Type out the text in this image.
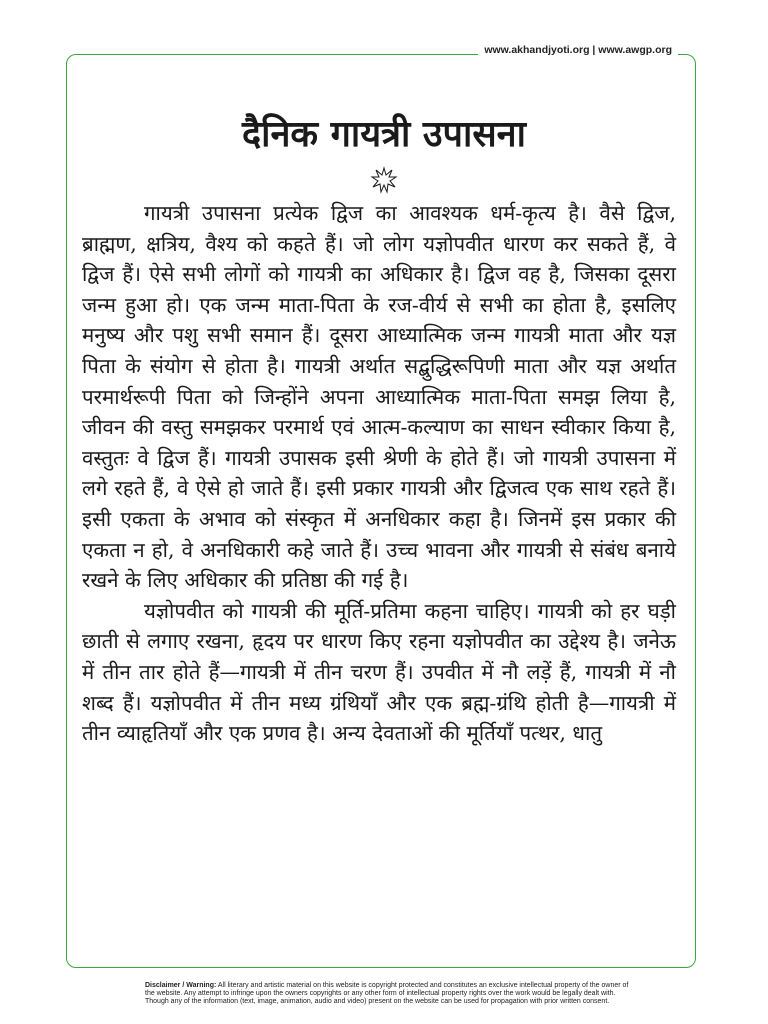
www.akhandjyoti.org | www.awgp.org
दैनिक गायत्री उपासना

गायत्री उपासना प्रत्येक द्विज का आवश्यक धर्म-कृत्य है। वैसे द्विज, ब्राह्मण, क्षत्रिय, वैश्य को कहते हैं। जो लोग यज्ञोपवीत धारण कर सकते हैं, वे द्विज हैं। ऐसे सभी लोगों को गायत्री का अधिकार है। द्विज वह है, जिसका दूसरा जन्म हुआ हो। एक जन्म माता-पिता के रज-वीर्य से सभी का होता है, इसलिए मनुष्य और पशु सभी समान हैं। दूसरा आध्यात्मिक जन्म गायत्री माता और यज्ञ पिता के संयोग से होता है। गायत्री अर्थात सद्बुद्धिरूपिणी माता और यज्ञ अर्थात परमार्थरूपी पिता को जिन्होंने अपना आध्यात्मिक माता-पिता समझ लिया है, जीवन की वस्तु समझकर परमार्थ एवं आत्म-कल्याण का साधन स्वीकार किया है, वस्तुतः वे द्विज हैं। गायत्री उपासक इसी श्रेणी के होते हैं। जो गायत्री उपासना में लगे रहते हैं, वे ऐसे हो जाते हैं। इसी प्रकार गायत्री और द्विजत्व एक साथ रहते हैं। इसी एकता के अभाव को संस्कृत में अनधिकार कहा है। जिनमें इस प्रकार की एकता न हो, वे अनधिकारी कहे जाते हैं। उच्च भावना और गायत्री से संबंध बनाये रखने के लिए अधिकार की प्रतिष्ठा की गई है।

यज्ञोपवीत को गायत्री की मूर्ति-प्रतिमा कहना चाहिए। गायत्री को हर घड़ी छाती से लगाए रखना, हृदय पर धारण किए रहना यज्ञोपवीत का उद्देश्य है। जनेऊ में तीन तार होते हैं—गायत्री में तीन चरण हैं। उपवीत में नौ लड़ें हैं, गायत्री में नौ शब्द हैं। यज्ञोपवीत में तीन मध्य ग्रंथियाँ और एक ब्रह्म-ग्रंथि होती है—गायत्री में तीन व्याहृतियाँ और एक प्रणव है। अन्य देवताओं की मूर्तियाँ पत्थर, धातु

Disclaimer / Warning: All literary and artistic material on this website is copyright protected and constitutes an exclusive intellectual property of the owner of the website. Any attempt to infringe upon the owners copyrights or any other form of intellectual property rights over the work would be legally dealt with. Though any of the information (text, image, animation, audio and video) present on the website can be used for propagation with prior written consent.
